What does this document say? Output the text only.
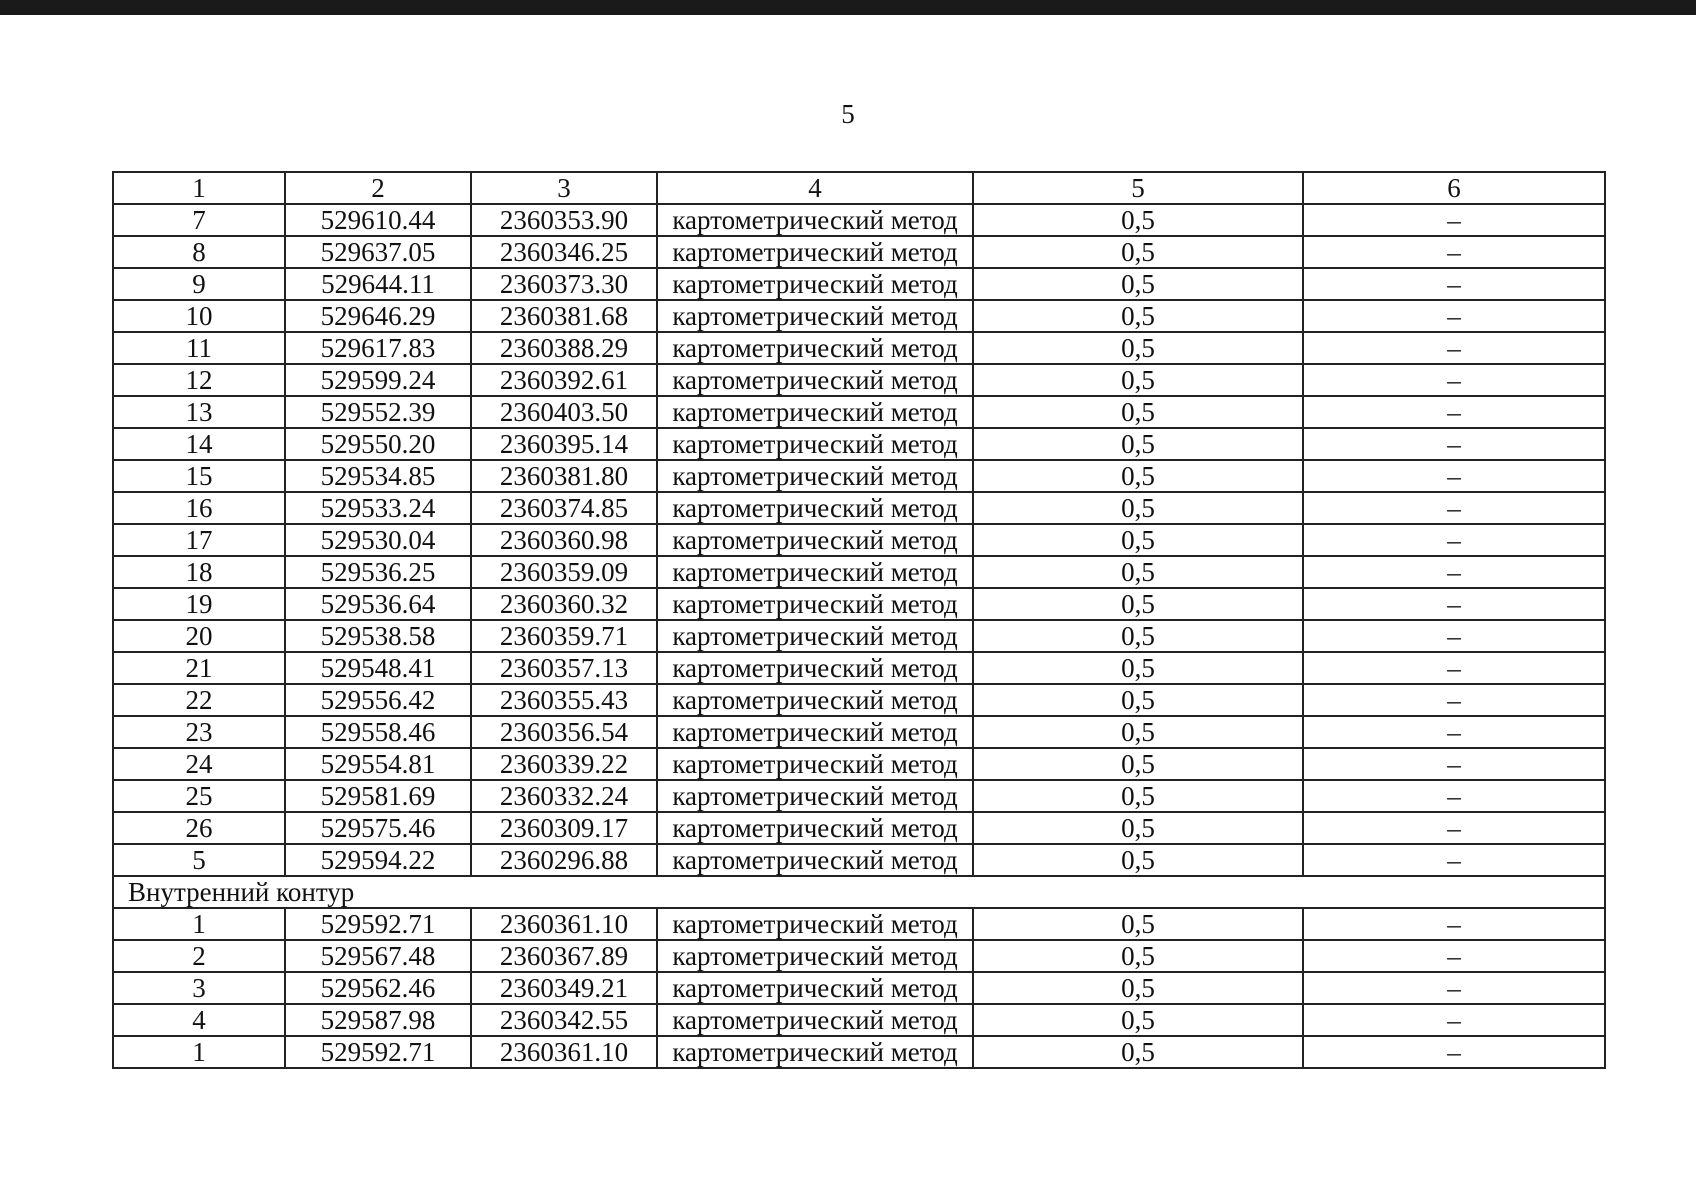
5
1	2	3	4	5	6
7	529610.44	2360353.90	картометрический метод	0,5	–
8	529637.05	2360346.25	картометрический метод	0,5	–
9	529644.11	2360373.30	картометрический метод	0,5	–
10	529646.29	2360381.68	картометрический метод	0,5	–
11	529617.83	2360388.29	картометрический метод	0,5	–
12	529599.24	2360392.61	картометрический метод	0,5	–
13	529552.39	2360403.50	картометрический метод	0,5	–
14	529550.20	2360395.14	картометрический метод	0,5	–
15	529534.85	2360381.80	картометрический метод	0,5	–
16	529533.24	2360374.85	картометрический метод	0,5	–
17	529530.04	2360360.98	картометрический метод	0,5	–
18	529536.25	2360359.09	картометрический метод	0,5	–
19	529536.64	2360360.32	картометрический метод	0,5	–
20	529538.58	2360359.71	картометрический метод	0,5	–
21	529548.41	2360357.13	картометрический метод	0,5	–
22	529556.42	2360355.43	картометрический метод	0,5	–
23	529558.46	2360356.54	картометрический метод	0,5	–
24	529554.81	2360339.22	картометрический метод	0,5	–
25	529581.69	2360332.24	картометрический метод	0,5	–
26	529575.46	2360309.17	картометрический метод	0,5	–
5	529594.22	2360296.88	картометрический метод	0,5	–
Внутренний контур					
1	529592.71	2360361.10	картометрический метод	0,5	–
2	529567.48	2360367.89	картометрический метод	0,5	–
3	529562.46	2360349.21	картометрический метод	0,5	–
4	529587.98	2360342.55	картометрический метод	0,5	–
1	529592.71	2360361.10	картометрический метод	0,5	–
